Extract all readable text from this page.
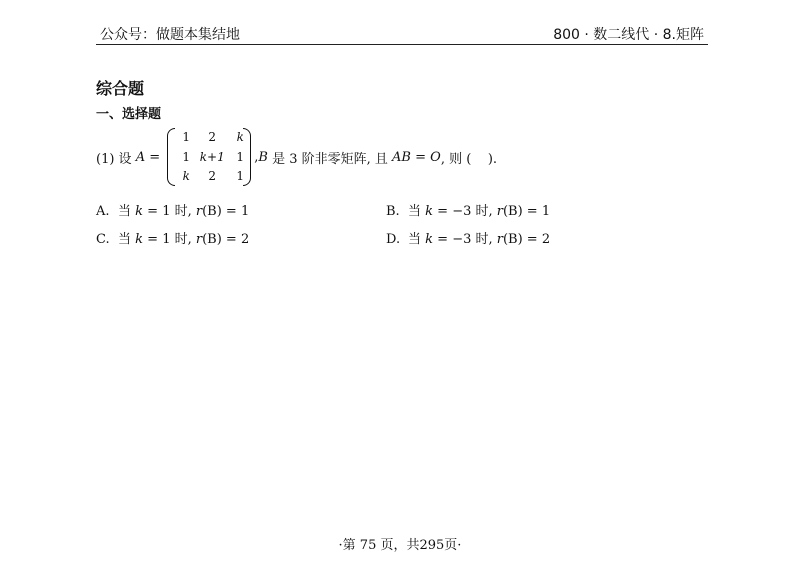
公众号：做题本集结地	800 · 数二线代 · 8.矩阵
综合题
一、选择题
(1) 设 A =
1	2	k
1 k+1 1
k	2	1
, B 是 3 阶非零矩阵, 且 AB = O , 则 (    ).
A. 当 k = 1 时, r(B) = 1	B. 当 k = −3 时, r(B) = 1
C. 当 k = 1 时, r(B) = 2	D. 当 k = −3 时, r(B) = 2
·第 75 页，共295页·
